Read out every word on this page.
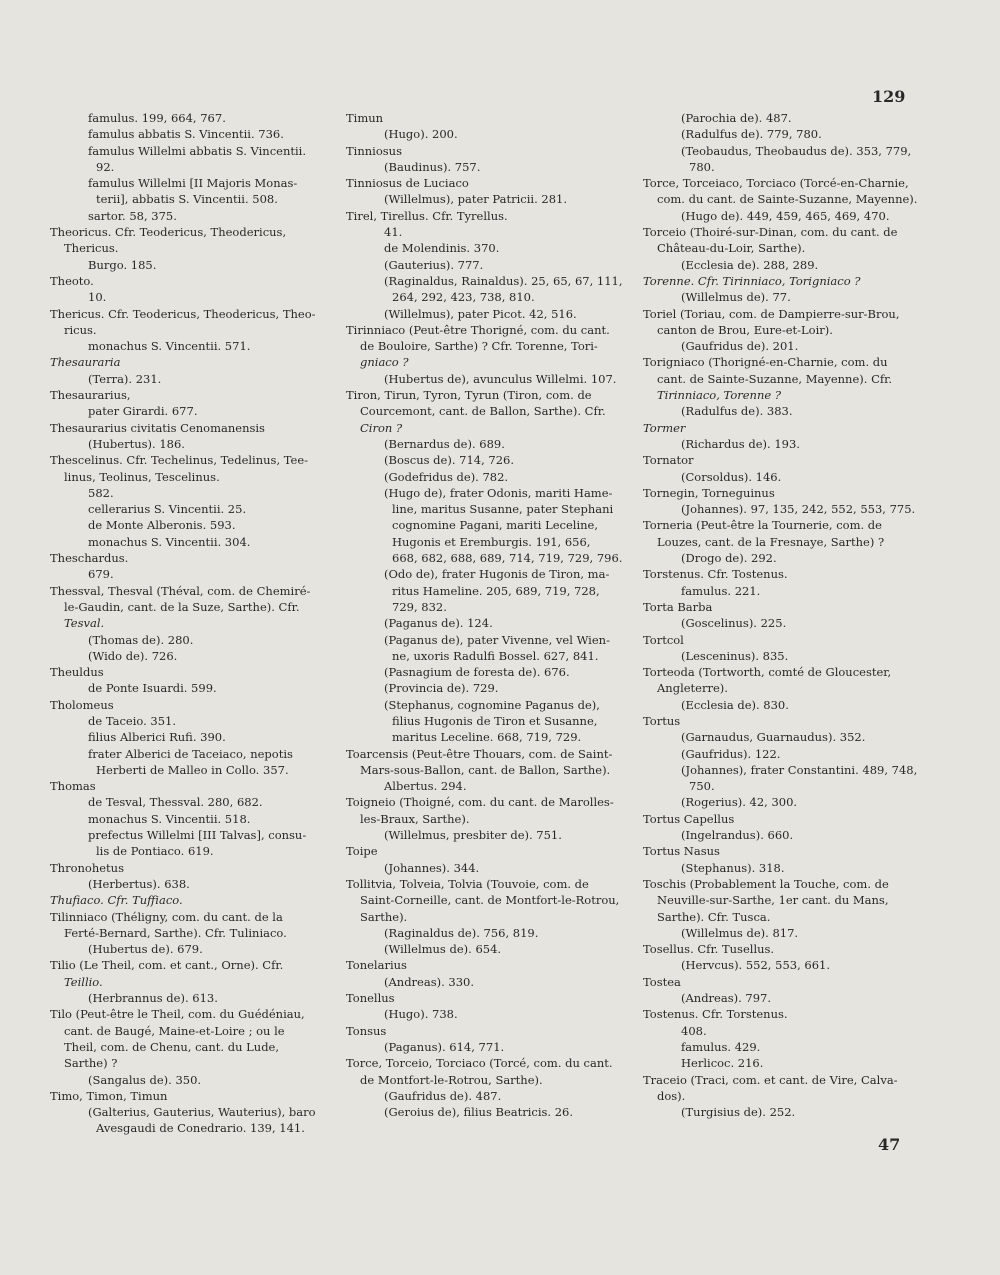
129
famulus. 199, 664, 767.
famulus abbatis S. Vincentii. 736.
famulus Willelmi abbatis S. Vincentii.
92.
famulus Willelmi [II Majoris Monas-
terii], abbatis S. Vincentii. 508.
sartor. 58, 375.
Theoricus. Cfr. Teodericus, Theodericus,
Thericus.
Burgo. 185.
Theoto.
10.
Thericus. Cfr. Teodericus, Theodericus, Theo-
ricus.
monachus S. Vincentii. 571.
Thesauraria
(Terra). 231.
Thesaurarius,
pater Girardi. 677.
Thesaurarius civitatis Cenomanensis
(Hubertus). 186.
Thescelinus. Cfr. Techelinus, Tedelinus, Tee-
linus, Teolinus, Tescelinus.
582.
cellerarius S. Vincentii. 25.
de Monte Alberonis. 593.
monachus S. Vincentii. 304.
Theschardus.
679.
Thessval, Thesval (Théval, com. de Chemiré-
le-Gaudin, cant. de la Suze, Sarthe). Cfr.
Tesval.
(Thomas de). 280.
(Wido de). 726.
Theuldus
de Ponte Isuardi. 599.
Tholomeus
de Taceio. 351.
filius Alberici Rufi. 390.
frater Alberici de Taceiaco, nepotis
Herberti de Malleo in Collo. 357.
Thomas
de Tesval, Thessval. 280, 682.
monachus S. Vincentii. 518.
prefectus Willelmi [III Talvas], consu-
lis de Pontiaco. 619.
Thronohetus
(Herbertus). 638.
Thufiaco. Cfr. Tuffiaco.
Tilinniaco (Théligny, com. du cant. de la
Ferté-Bernard, Sarthe). Cfr. Tuliniaco.
(Hubertus de). 679.
Tilio (Le Theil, com. et cant., Orne). Cfr.
Teillio.
(Herbrannus de). 613.
Tilo (Peut-être le Theil, com. du Guédéniau,
cant. de Baugé, Maine-et-Loire ; ou le
Theil, com. de Chenu, cant. du Lude,
Sarthe) ?
(Sangalus de). 350.
Timo, Timon, Timun
(Galterius, Gauterius, Wauterius), baro
Avesgaudi de Conedrario. 139, 141.
Timun
(Hugo). 200.
Tinniosus
(Baudinus). 757.
Tinniosus de Luciaco
(Willelmus), pater Patricii. 281.
Tirel, Tirellus. Cfr. Tyrellus.
41.
de Molendinis. 370.
(Gauterius). 777.
(Raginaldus, Rainaldus). 25, 65, 67, 111,
264, 292, 423, 738, 810.
(Willelmus), pater Picot. 42, 516.
Tirinniaco (Peut-être Thorigné, com. du cant.
de Bouloire, Sarthe) ? Cfr. Torenne, Tori-
gniaco ?
(Hubertus de), avunculus Willelmi. 107.
Tiron, Tirun, Tyron, Tyrun (Tiron, com. de
Courcemont, cant. de Ballon, Sarthe). Cfr.
Ciron ?
(Bernardus de). 689.
(Boscus de). 714, 726.
(Godefridus de). 782.
(Hugo de), frater Odonis, mariti Hame-
line, maritus Susanne, pater Stephani
cognomine Pagani, mariti Leceline,
Hugonis et Eremburgis. 191, 656,
668, 682, 688, 689, 714, 719, 729, 796.
(Odo de), frater Hugonis de Tiron, ma-
ritus Hameline. 205, 689, 719, 728,
729, 832.
(Paganus de). 124.
(Paganus de), pater Vivenne, vel Wien-
ne, uxoris Radulfi Bossel. 627, 841.
(Pasnagium de foresta de). 676.
(Provincia de). 729.
(Stephanus, cognomine Paganus de),
filius Hugonis de Tiron et Susanne,
maritus Leceline. 668, 719, 729.
Toarcensis (Peut-être Thouars, com. de Saint-
Mars-sous-Ballon, cant. de Ballon, Sarthe).
Albertus. 294.
Toigneio (Thoigné, com. du cant. de Marolles-
les-Braux, Sarthe).
(Willelmus, presbiter de). 751.
Toipe
(Johannes). 344.
Tollitvia, Tolveia, Tolvia (Touvoie, com. de
Saint-Corneille, cant. de Montfort-le-Rotrou,
Sarthe).
(Raginaldus de). 756, 819.
(Willelmus de). 654.
Tonelarius
(Andreas). 330.
Tonellus
(Hugo). 738.
Tonsus
(Paganus). 614, 771.
Torce, Torceio, Torciaco (Torcé, com. du cant.
de Montfort-le-Rotrou, Sarthe).
(Gaufridus de). 487.
(Geroius de), filius Beatricis. 26.
(Parochia de). 487.
(Radulfus de). 779, 780.
(Teobaudus, Theobaudus de). 353, 779,
780.
Torce, Torceiaco, Torciaco (Torcé-en-Charnie,
com. du cant. de Sainte-Suzanne, Mayenne).
(Hugo de). 449, 459, 465, 469, 470.
Torceio (Thoiré-sur-Dinan, com. du cant. de
Château-du-Loir, Sarthe).
(Ecclesia de). 288, 289.
Torenne. Cfr. Tirinniaco, Torigniaco ?
(Willelmus de). 77.
Toriel (Toriau, com. de Dampierre-sur-Brou,
canton de Brou, Eure-et-Loir).
(Gaufridus de). 201.
Torigniaco (Thorigné-en-Charnie, com. du
cant. de Sainte-Suzanne, Mayenne). Cfr.
Tirinniaco, Torenne ?
(Radulfus de). 383.
Tormer
(Richardus de). 193.
Tornator
(Corsoldus). 146.
Tornegin, Torneguinus
(Johannes). 97, 135, 242, 552, 553, 775.
Torneria (Peut-être la Tournerie, com. de
Louzes, cant. de la Fresnaye, Sarthe) ?
(Drogo de). 292.
Torstenus. Cfr. Tostenus.
famulus. 221.
Torta Barba
(Goscelinus). 225.
Tortcol
(Lesceninus). 835.
Torteoda (Tortworth, comté de Gloucester,
Angleterre).
(Ecclesia de). 830.
Tortus
(Garnaudus, Guarnaudus). 352.
(Gaufridus). 122.
(Johannes), frater Constantini. 489, 748,
750.
(Rogerius). 42, 300.
Tortus Capellus
(Ingelrandus). 660.
Tortus Nasus
(Stephanus). 318.
Toschis (Probablement la Touche, com. de
Neuville-sur-Sarthe, 1er cant. du Mans,
Sarthe). Cfr. Tusca.
(Willelmus de). 817.
Tosellus. Cfr. Tusellus.
(Hervcus). 552, 553, 661.
Tostea
(Andreas). 797.
Tostenus. Cfr. Torstenus.
408.
famulus. 429.
Herlicoc. 216.
Traceio (Traci, com. et cant. de Vire, Calva-
dos).
(Turgisius de). 252.
47
